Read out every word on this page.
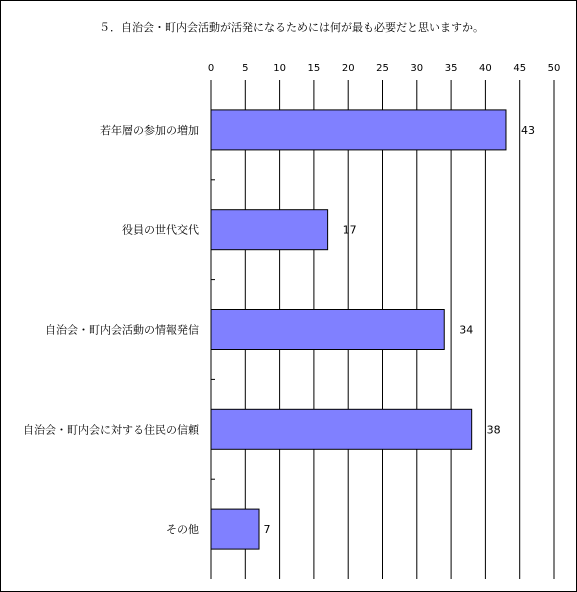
５．自治会・町内会活動が活発になるためには何が最も必要だと思いますか。
0	5 10 15 20 25 30 35 40 45 50
若年層の参加の増加
役員の世代交代
自治会・町内会活動の情報発信
自治会・町内会に対する住民の信頼
その他
43
17
34
38
7
